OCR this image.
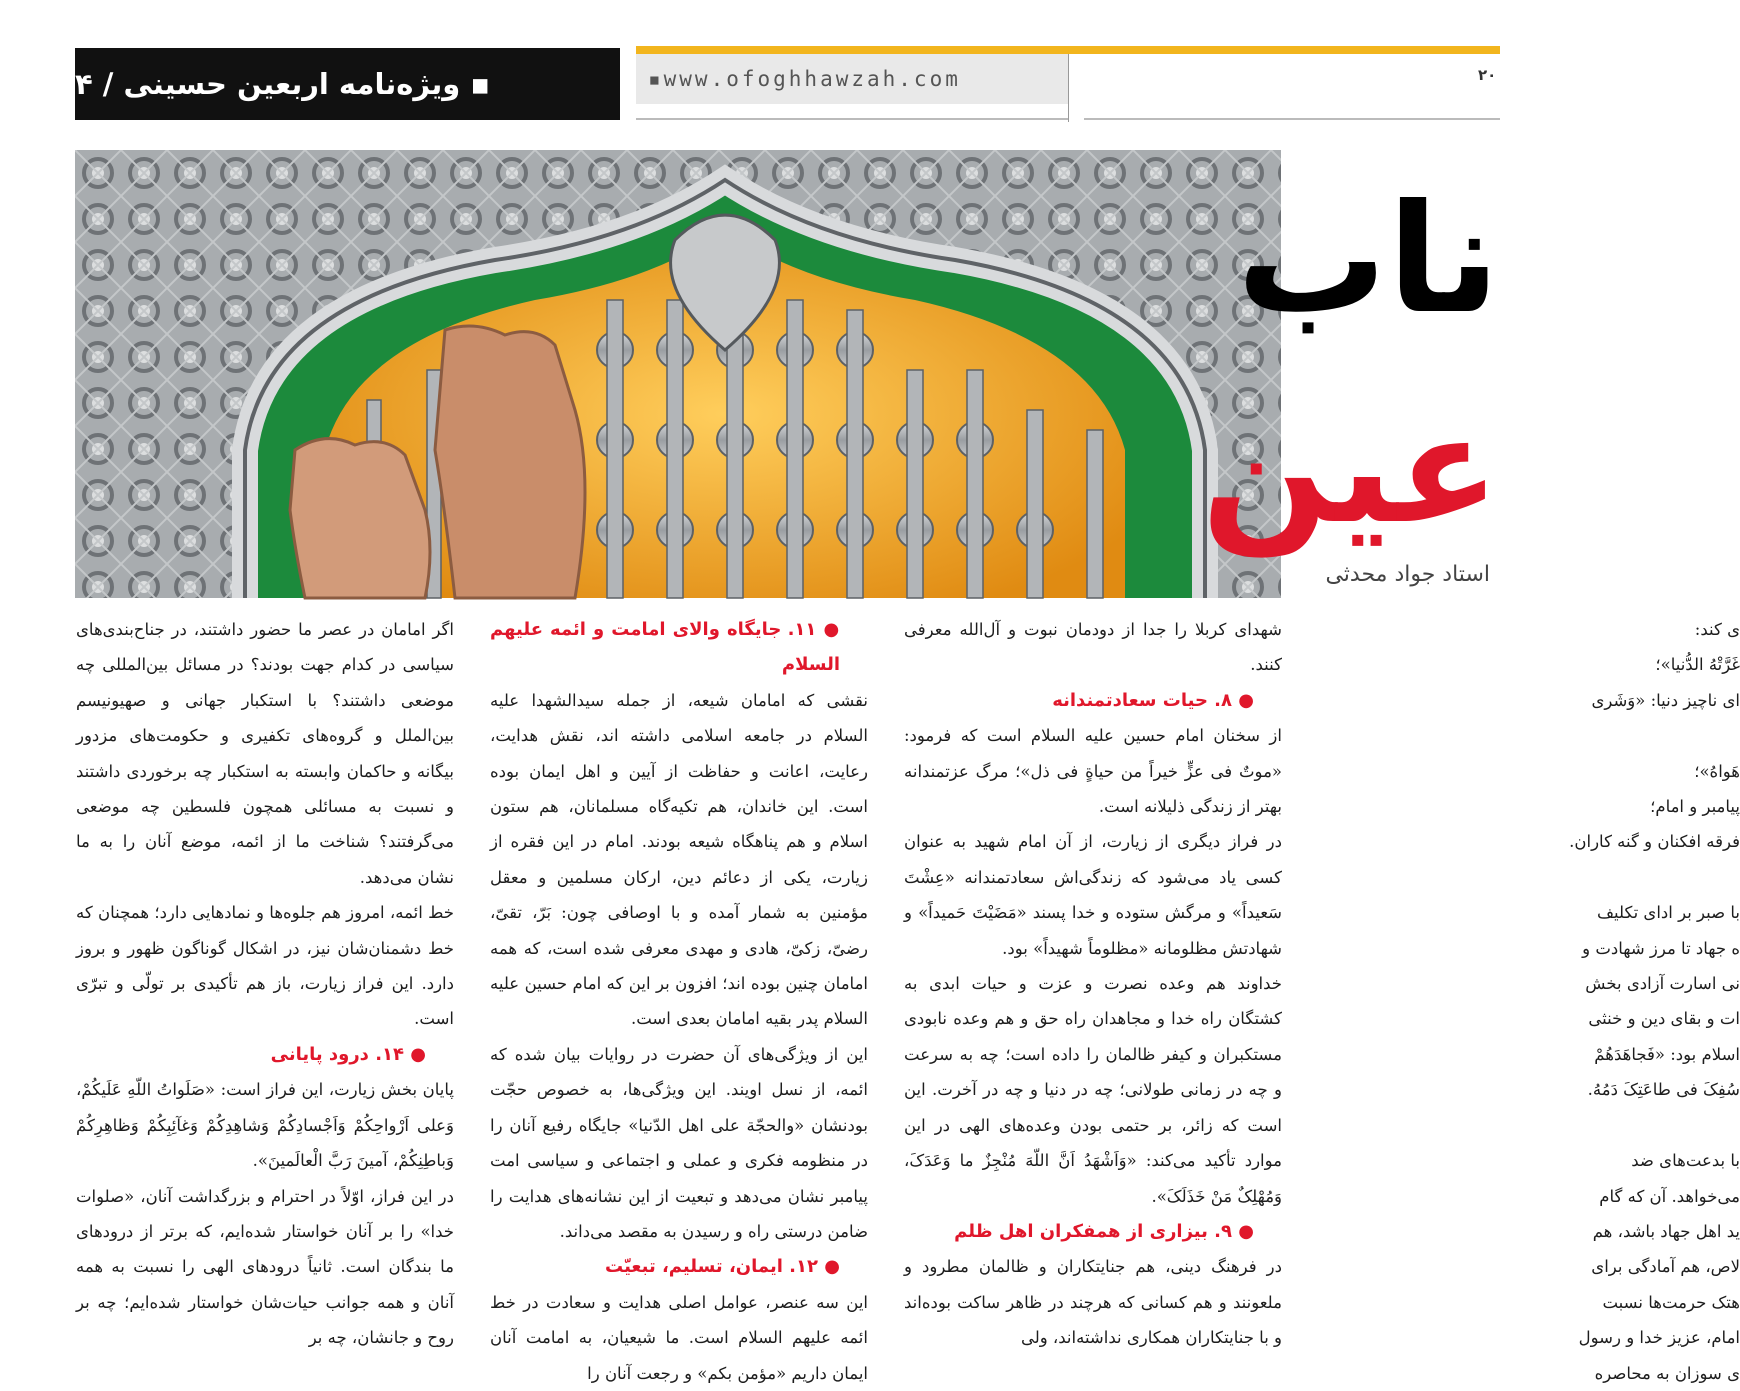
▪ ویژه‌نامه اربعین حسینی / ۴	▪www.ofoghhawzah.com	۲۰
ناب
عین
استاد جواد محدثی

ی کند:

غَرَّتْهُ الدُّنیا»؛

ای ناچیز دنیا: «وَشَرى

هَواهُ»؛

پیامبر و امام؛

فرقه افکنان و گنه کاران.

با صبر بر ادای تکلیف

ه جهاد تا مرز شهادت و

نی اسارت آزادی بخش

ات و بقای دین و خنثی

اسلام بود: «فَجاهَدَهُمْ

سُفِکَ فی طاعَتِکَ دَمُهُ.

با بدعت‌های ضد

می‌خواهد. آن که گام

ید اهل جهاد باشد، هم

لاص، هم آمادگی برای

هتک حرمت‌ها نسبت

امام، عزیز خدا و رسول

ی سوزان به محاصره

شهدای کربلا را جدا از دودمان نبوت و آل‌الله معرفی کنند.

● ۸. حیات سعادتمندانه

از سخنان امام حسین علیه السلام است که فرمود: «موتٌ فی عزٍّ خیراً من حیاةٍ فی ذل»؛ مرگ عزتمندانه بهتر از زندگی ذلیلانه است.

در فراز دیگری از زیارت، از آن امام شهید به عنوان کسی یاد می‌شود که زندگی‌اش سعادتمندانه «عِشْتَ سَعیداً» و مرگش ستوده و خدا پسند «مَضَیْتَ حَمیداً» و شهادتش مظلومانه «مظلوماً شهیداً» بود.

خداوند هم وعده نصرت و عزت و حیات ابدی به کشتگان راه خدا و مجاهدان راه حق و هم وعده نابودی مستکبران و کیفر ظالمان را داده است؛ چه به سرعت و چه در زمانی طولانی؛ چه در دنیا و چه در آخرت. این است که زائر، بر حتمی بودن وعده‌های الهی در این موارد تأکید می‌کند: «وَاَشْهَدُ اَنَّ اللّهَ مُنْجِزٌ ما وَعَدَکَ، وَمُهْلِکٌ مَنْ خَذَلَکَ».

● ۹. بیزاری از همفکران اهل ظلم

در فرهنگ دینی، هم جنایتکاران و ظالمان مطرود و ملعونند و هم کسانی که هرچند در ظاهر ساکت بوده‌اند و با جنایتکاران همکاری نداشته‌اند، ولی

● ۱۱. جایگاه والای امامت و ائمه علیهم السلام

نقشی که امامان شیعه، از جمله سیدالشهدا علیه السلام در جامعه اسلامی داشته اند، نقش هدایت، رعایت، اعانت و حفاظت از آیین و اهل ایمان بوده است. این خاندان، هم تکیه‌گاه مسلمانان، هم ستون اسلام و هم پناهگاه شیعه بودند. امام در این فقره از زیارت، یکی از دعائم دین، ارکان مسلمین و معقل مؤمنین به شمار آمده و با اوصافی چون: بَرّ، تقیّ، رضیّ، زکیّ، هادی و مهدی معرفی شده است، که همه امامان چنین بوده اند؛ افزون بر این که امام حسین علیه السلام پدر بقیه امامان بعدی است.

این از ویژگی‌های آن حضرت در روایات بیان شده که ائمه، از نسل اویند. این ویژگی‌ها، به خصوص حجّت بودنشان «والحجّة علی اهل الدّنیا» جایگاه رفیع آنان را در منظومه فکری و عملی و اجتماعی و سیاسی امت پیامبر نشان می‌دهد و تبعیت از این نشانه‌های هدایت را ضامن درستی راه و رسیدن به مقصد می‌داند.

● ۱۲. ایمان، تسلیم، تبعیّت

این سه عنصر، عوامل اصلی هدایت و سعادت در خط ائمه علیهم السلام است. ما شیعیان، به امامت آنان ایمان داریم «مؤمن بکم» و رجعت آنان را

اگر امامان در عصر ما حضور داشتند، در جناح‌بندی‌های سیاسی در کدام جهت بودند؟ در مسائل بین‌المللی چه موضعی داشتند؟ با استکبار جهانی و صهیونیسم بین‌الملل و گروه‌های تکفیری و حکومت‌های مزدور بیگانه و حاکمان وابسته به استکبار چه برخوردی داشتند و نسبت به مسائلی همچون فلسطین چه موضعی می‌گرفتند؟ شناخت ما از ائمه، موضع آنان را به ما نشان می‌دهد.

خط ائمه، امروز هم جلوه‌ها و نمادهایی دارد؛ همچنان که خط دشمنان‌شان نیز، در اشکال گوناگون ظهور و بروز دارد. این فراز زیارت، باز هم تأکیدی بر تولّی و تبرّی است.

● ۱۴. درود پایانی

پایان بخش زیارت، این فراز است: «صَلَواتُ اللّهِ عَلَیکُمْ، وَعلی اَرْواحِکُمْ وَاَجْسادِکُمْ وَشاهِدِکُمْ وَغآئِبِکُمْ وَظاهِرِکُمْ وَباطِنِکُمْ، آمینَ رَبَّ الْعالَمینَ».

در این فراز، اوّلاً در احترام و بزرگداشت آنان، «صلوات خدا» را بر آنان خواستار شده‌ایم، که برتر از درودهای ما بندگان است. ثانیاً درودهای الهی را نسبت به همه آنان و همه جوانب حیات‌شان خواستار شده‌ایم؛ چه بر روح و جانشان، چه بر
